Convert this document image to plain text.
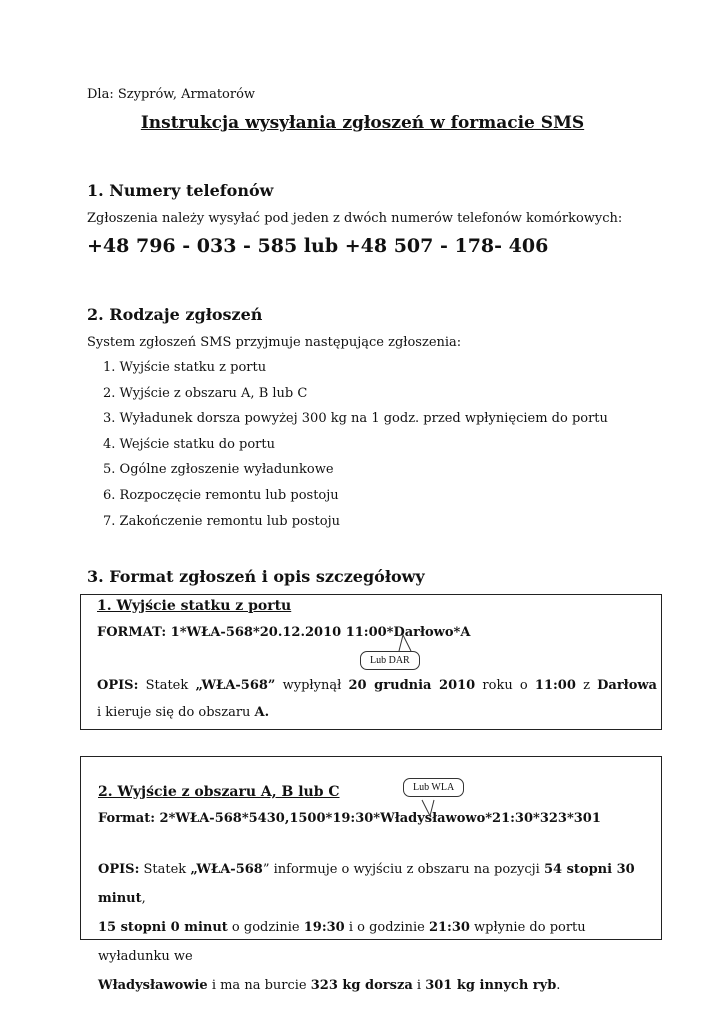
Dla: Szyprów, Armatorów
Instrukcja wysyłania zgłoszeń w formacie SMS
1. Numery telefonów
Zgłoszenia należy wysyłać pod jeden z dwóch numerów telefonów komórkowych:
+48 796 - 033 - 585 lub +48 507 - 178- 406
2. Rodzaje zgłoszeń
System zgłoszeń SMS przyjmuje następujące zgłoszenia:
1. Wyjście statku z portu
2. Wyjście z obszaru A, B lub C
3. Wyładunek dorsza powyżej 300 kg na 1 godz. przed wpłynięciem do portu
4. Wejście statku do portu
5. Ogólne zgłoszenie wyładunkowe
6. Rozpoczęcie remontu lub postoju
7. Zakończenie remontu lub postoju
3. Format zgłoszeń i opis szczegółowy
1. Wyjście statku z portu
FORMAT: 1*WŁA-568*20.12.2010 11:00*Darłowo*A
OPIS: Statek „WŁA-568” wypłynął 20 grudnia 2010 roku o 11:00 z Darłowa
i kieruje się do obszaru A.
Lub DAR
2. Wyjście z obszaru A, B lub C
Format: 2*WŁA-568*5430,1500*19:30*Władysławowo*21:30*323*301
OPIS: Statek „WŁA-568” informuje o wyjściu z obszaru na pozycji 54 stopni 30 minut,
15 stopni 0 minut o godzinie 19:30 i o godzinie 21:30 wpłynie do portu wyładunku we
Władysławowie i ma na burcie 323 kg dorsza i 301 kg innych ryb.
Lub WLA
